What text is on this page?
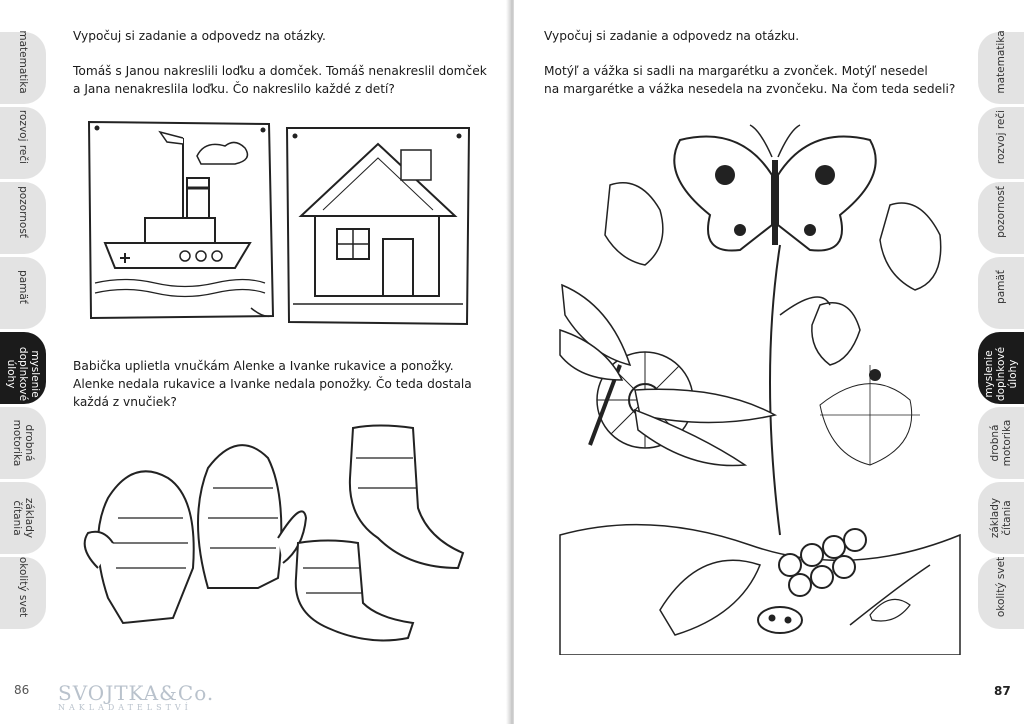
matematika
rozvoj reči
pozornosť
pamäť
myslenie
doplnkové
úlohy
drobná
motorika
základy
čítania
okolitý svet
Vypočuj si zadanie a odpovedz na otázky.
Tomáš s Janou nakreslili loďku a domček. Tomáš nenakreslil domček
a Jana nenakreslila loďku. Čo nakreslilo každé z detí?
Babička uplietla vnučkám Alenke a Ivanke rukavice a ponožky.
Alenke nedala rukavice a Ivanke nedala ponožky. Čo teda dostala
každá z vnučiek?
86 SVOJTKA&Co.
NAKLADATELSTVÍ
matematika
rozvoj reči
pozornosť
pamäť
myslenie
doplnkové
úlohy
drobná
motorika
základy
čítania
okolitý svet
Vypočuj si zadanie a odpovedz na otázku.
Motýľ a vážka si sadli na margarétku a zvonček. Motýľ nesedel
na margarétke a vážka nesedela na zvončeku. Na čom teda sedeli?
87
